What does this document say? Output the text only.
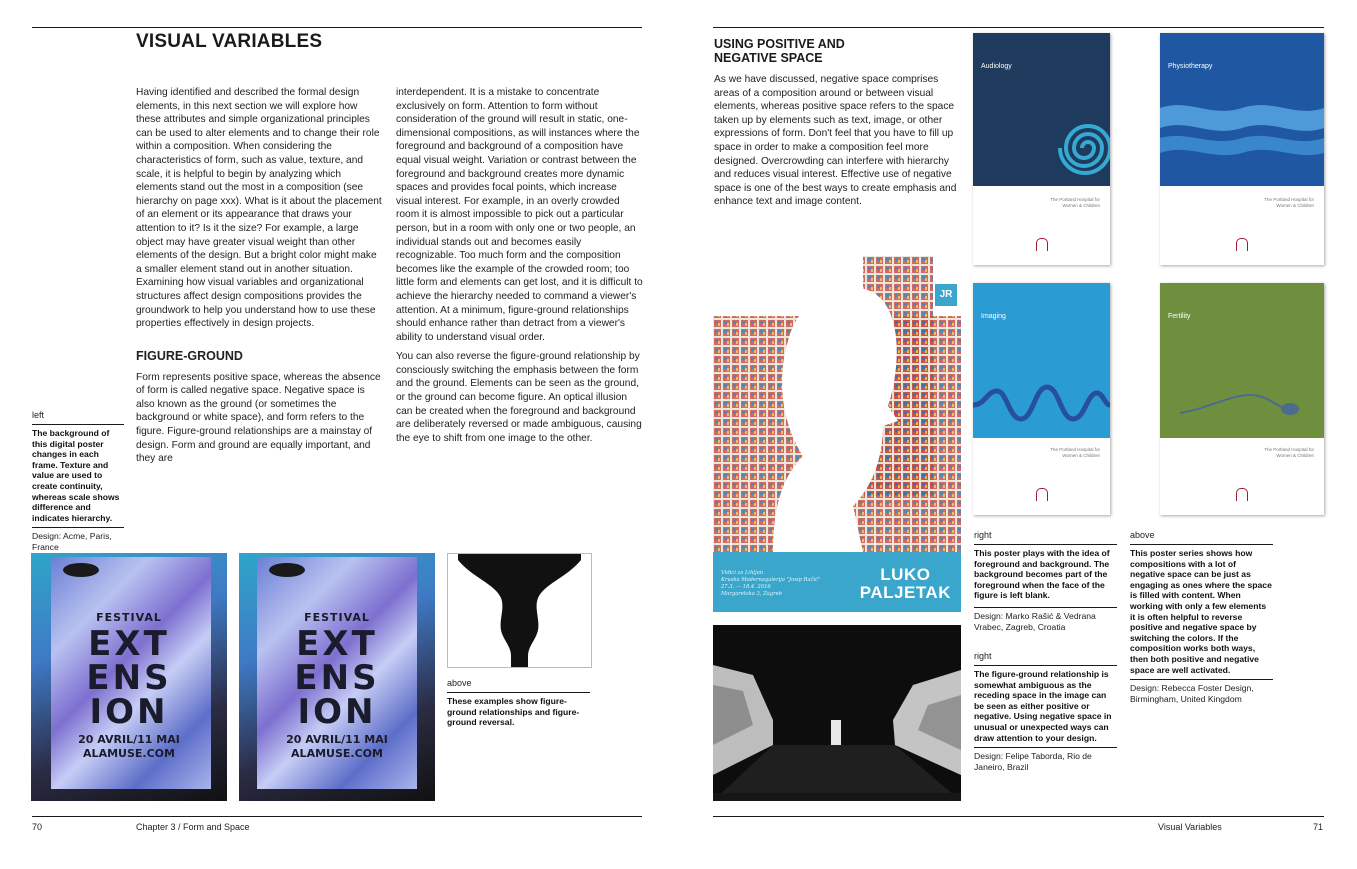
VISUAL VARIABLES

Having identified and described the formal design elements, in this next section we will explore how these attributes and simple organizational principles can be used to alter elements and to change their role within a composition. When considering the characteristics of form, such as value, texture, and scale, it is helpful to begin by analyzing which elements stand out the most in a composition (see hierarchy on page xxx). What is it about the placement of an element or its appearance that draws your attention to it? Is it the size? For example, a large object may have greater visual weight than other elements of the design. But a bright color might make a smaller element stand out in another situation. Examining how visual variables and organizational structures affect design compositions provides the groundwork to help you understand how to use these properties effectively in design projects.

FIGURE-GROUND

Form represents positive space, whereas the absence of form is called negative space. Negative space is also known as the ground (or sometimes the background or white space), and form refers to the figure. Figure-ground relationships are a mainstay of design. Form and ground are equally important, and they are

interdependent. It is a mistake to concentrate exclusively on form. Attention to form without consideration of the ground will result in static, one-dimensional compositions, as will instances where the foreground and background of a composition have equal visual weight. Variation or contrast between the foreground and background creates more dynamic spaces and provides focal points, which increase visual interest. For example, in an overly crowded room it is almost impossible to pick out a particular person, but in a room with only one or two people, an individual stands out and becomes easily recognizable. Too much form and the composition becomes like the example of the crowded room; too little form and elements can get lost, and it is difficult to achieve the hierarchy needed to command a viewer's attention. At a minimum, figure-ground relationships should enhance rather than detract from a viewer's ability to understand visual order.

You can also reverse the figure-ground relationship by consciously switching the emphasis between the form and the ground. Elements can be seen as the ground, or the ground can become figure. An optical illusion can be created when the foreground and background are deliberately reversed or made ambiguous, causing the eye to shift from one image to the other.

left
The background of this digital poster changes in each frame. Texture and value are used to create continuity, whereas scale shows difference and indicates hierarchy.
Design: Acme, Paris, France
FESTIVAL
EXT
ENS
ION
20 AVRIL/11 MAI
ALAMUSE.COM
FESTIVAL
EXT
ENS
ION
20 AVRIL/11 MAI
ALAMUSE.COM
above
These examples show figure-ground relationships and figure-ground reversal.
70	Chapter 3 / Form and Space
USING POSITIVE AND NEGATIVE SPACE
As we have discussed, negative space comprises areas of a composition around or between visual elements, whereas positive space refers to the space taken up by elements such as text, image, or other expressions of form. Don't feel that you have to fill up space in order to make a composition feel more designed. Overcrowding can interfere with hierarchy and reduces visual interest. Effective use of negative space is one of the best ways to create emphasis and enhance text and image content.
JR
Vidici za Lihljan
Kruska Modernagalerija "Josip Račić"
27.3. — 18.4. 2016
Margaretska 3, Zagreb
LUKO
PALJETAK
Audiology
The Portland Hospital for Women & Children
Physiotherapy
The Portland Hospital for Women & Children
Imaging
The Portland Hospital for Women & Children
Fertility
The Portland Hospital for Women & Children
right
This poster plays with the idea of foreground and background. The background becomes part of the foreground when the face of the figure is left blank.
Design: Marko Rašić & Vedrana Vrabec, Zagreb, Croatia
right
The figure-ground relationship is somewhat ambiguous as the receding space in the image can be seen as either positive or negative. Using negative space in unusual or unexpected ways can draw attention to your design.
Design: Felipe Taborda, Rio de Janeiro, Brazil
above
This poster series shows how compositions with a lot of negative space can be just as engaging as ones where the space is filled with content. When working with only a few elements it is often helpful to reverse positive and negative space by switching the colors. If the composition works both ways, then both positive and negative space are well activated.
Design: Rebecca Foster Design, Birmingham, United Kingdom
Visual Variables	71
